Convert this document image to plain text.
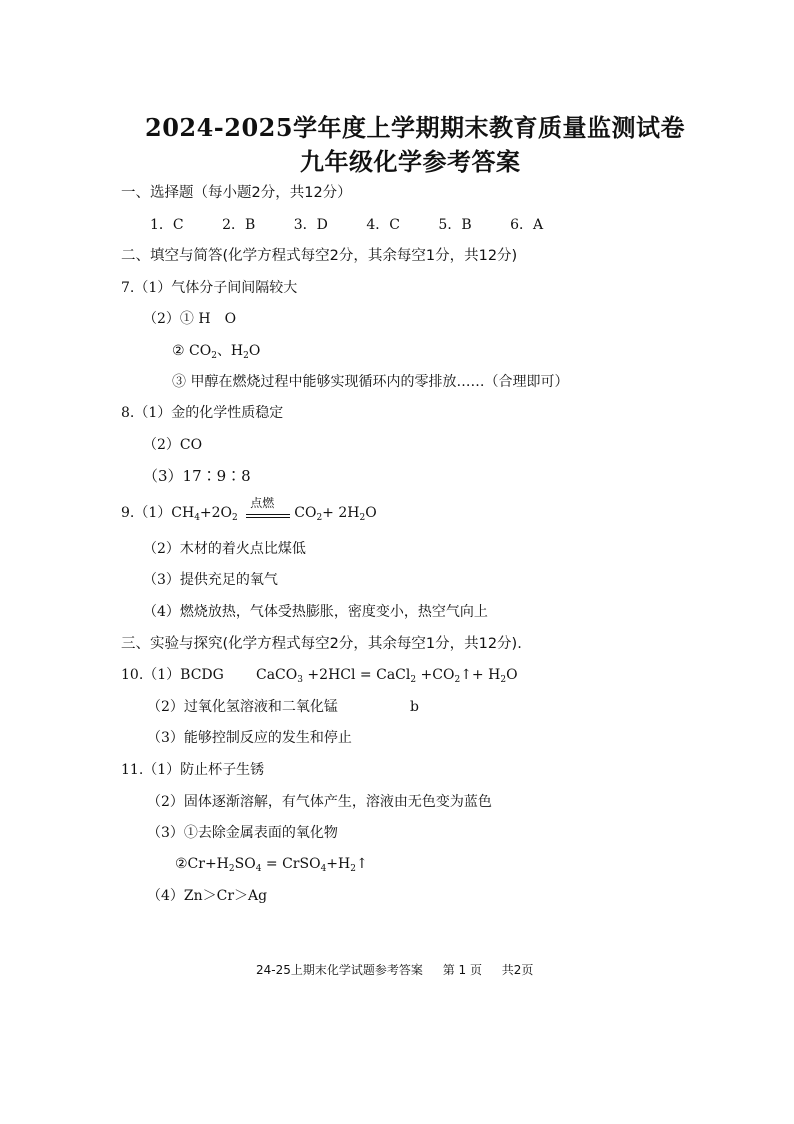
2024-2025学年度上学期期末教育质量监测试卷
九年级化学参考答案
一、选择题（每小题2分，共12分）
1．C	2．B	3．D	4．C	5．B	6．A
二、填空与简答(化学方程式每空2分，其余每空1分，共12分)
7.（1）气体分子间间隔较大
（2）① H　O
② $CO_2$、$H_2O$
③ 甲醇在燃烧过程中能够实现循环内的零排放……（合理即可）
8.（1）金的化学性质稳定
（2）CO
（3）17∶9∶8
$9.(1)CH_4+2O_2$
点燃
$CO_2+ 2H_2O$
（2）木材的着火点比煤低
（3）提供充足的氧气
（4）燃烧放热，气体受热膨胀，密度变小，热空气向上
三、实验与探究(化学方程式每空2分，其余每空1分，共12分).
10.（1）BCDG CaCO$_3$ +2HCl = CaCl$_2$ $+CO_2↑+ H_2O$
（2）过氧化氢溶液和二氧化锰	b
（3）能够控制反应的发生和停止
11.（1）防止杯子生锈
（2）固体逐渐溶解，有气体产生，溶液由无色变为蓝色
（3）①去除金属表面的氧化物
$②Cr+H_2SO_4$ = $CrSO_4+H_2↑$
（4）Zn＞Cr＞Ag
24-25上期末化学试题参考答案 第 1 页 共2页
